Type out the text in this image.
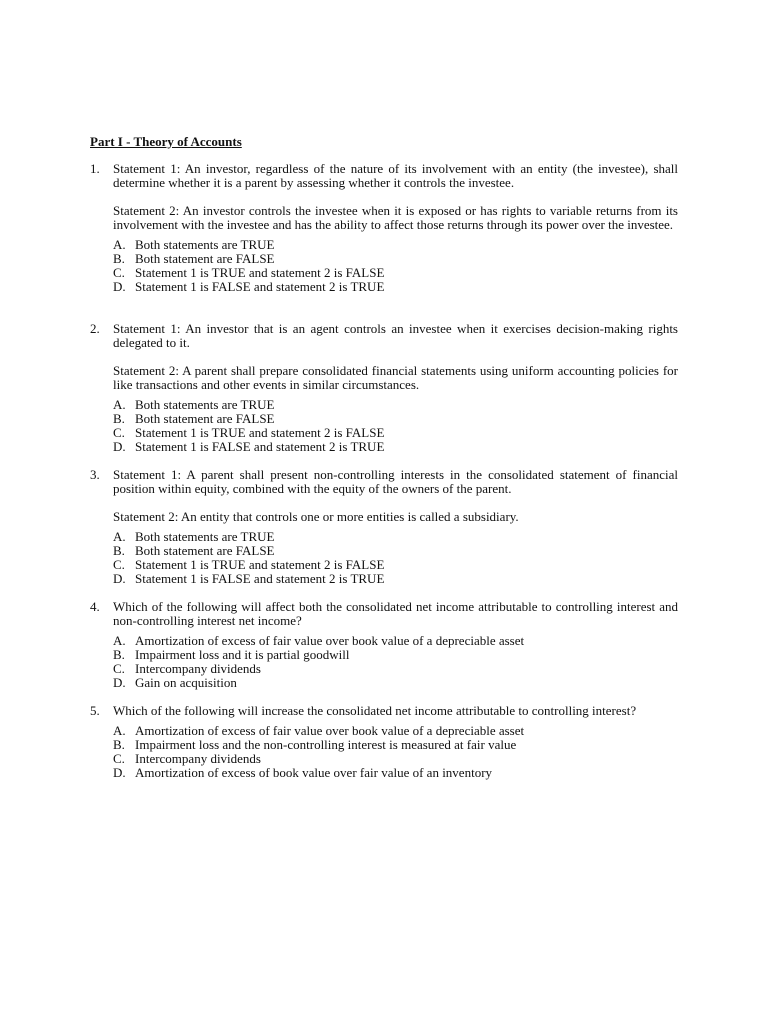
Part I - Theory of Accounts
1.	Statement 1: An investor, regardless of the nature of its involvement with an entity (the investee), shall determine whether it is a parent by assessing whether it controls the investee.
Statement 2: An investor controls the investee when it is exposed or has rights to variable returns from its involvement with the investee and has the ability to affect those returns through its power over the investee.
A. Both statements are TRUE
B. Both statement are FALSE
C. Statement 1 is TRUE and statement 2 is FALSE
D. Statement 1 is FALSE and statement 2 is TRUE
2.	Statement 1: An investor that is an agent controls an investee when it exercises decision-making rights delegated to it.
Statement 2: A parent shall prepare consolidated financial statements using uniform accounting policies for like transactions and other events in similar circumstances.
A. Both statements are TRUE
B. Both statement are FALSE
C. Statement 1 is TRUE and statement 2 is FALSE
D. Statement 1 is FALSE and statement 2 is TRUE
3.	Statement 1: A parent shall present non-controlling interests in the consolidated statement of financial position within equity, combined with the equity of the owners of the parent.
Statement 2: An entity that controls one or more entities is called a subsidiary.
A. Both statements are TRUE
B. Both statement are FALSE
C. Statement 1 is TRUE and statement 2 is FALSE
D. Statement 1 is FALSE and statement 2 is TRUE
4.	Which of the following will affect both the consolidated net income attributable to controlling interest and non-controlling interest net income?
A. Amortization of excess of fair value over book value of a depreciable asset
B. Impairment loss and it is partial goodwill
C. Intercompany dividends
D. Gain on acquisition
5.	Which of the following will increase the consolidated net income attributable to controlling interest?
A. Amortization of excess of fair value over book value of a depreciable asset
B. Impairment loss and the non-controlling interest is measured at fair value
C. Intercompany dividends
D. Amortization of excess of book value over fair value of an inventory
